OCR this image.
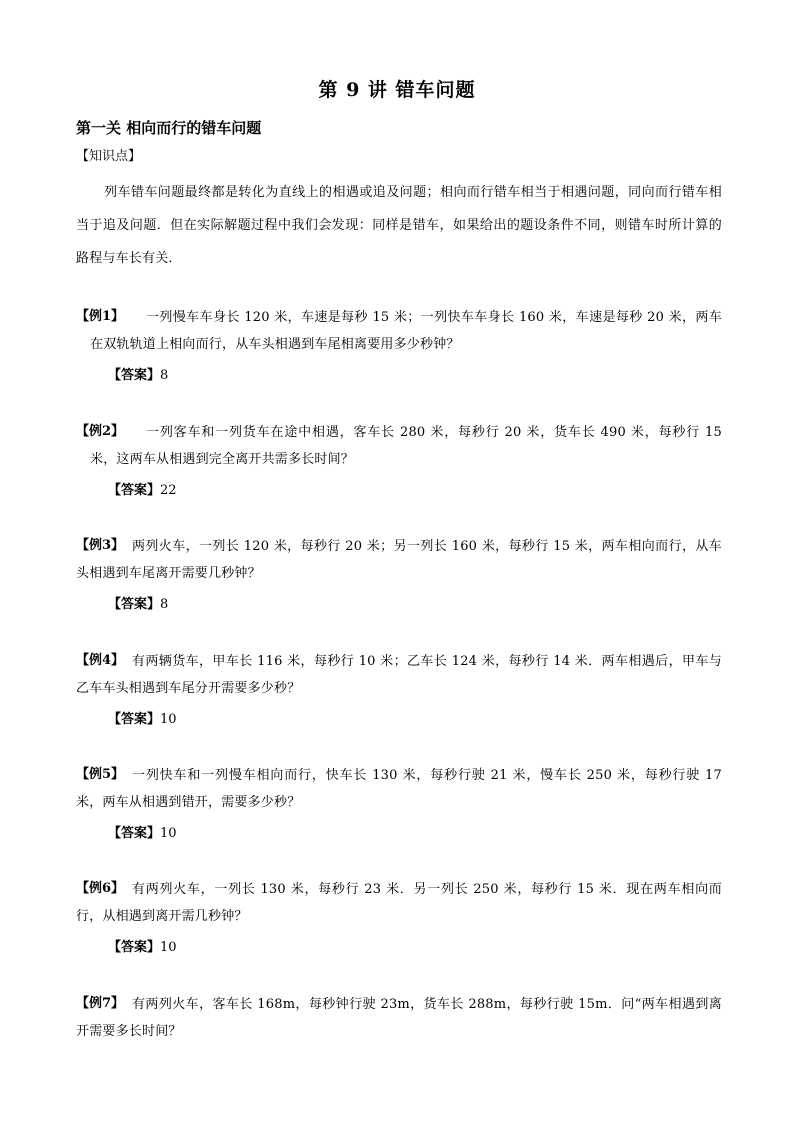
第 9 讲 错车问题
第一关 相向而行的错车问题
【知识点】
列车错车问题最终都是转化为直线上的相遇或追及问题；相向而行错车相当于相遇问题，同向而行错车相当于追及问题．但在实际解题过程中我们会发现：同样是错车，如果给出的题设条件不同，则错车时所计算的路程与车长有关．
【例1】	一列慢车车身长 120 米，车速是每秒 15 米；一列快车车身长 160 米，车速是每秒 20 米，两车在双轨轨道上相向而行，从车头相遇到车尾相离要用多少秒钟？
【答案】8
【例2】	一列客车和一列货车在途中相遇，客车长 280 米，每秒行 20 米，货车长 490 米，每秒行 15 米，这两车从相遇到完全离开共需多长时间？
【答案】22
【例3】 两列火车，一列长 120 米，每秒行 20 米；另一列长 160 米，每秒行 15 米，两车相向而行，从车头相遇到车尾离开需要几秒钟？
【答案】8
【例4】 有两辆货车，甲车长 116 米，每秒行 10 米；乙车长 124 米，每秒行 14 米．两车相遇后，甲车与乙车车头相遇到车尾分开需要多少秒？
【答案】10
【例5】 一列快车和一列慢车相向而行，快车长 130 米，每秒行驶 21 米，慢车长 250 米，每秒行驶 17 米，两车从相遇到错开，需要多少秒？
【答案】10
【例6】 有两列火车，一列长 130 米，每秒行 23 米．另一列长 250 米，每秒行 15 米．现在两车相向而行，从相遇到离开需几秒钟？
【答案】10
【例7】 有两列火车，客车长 168m，每秒钟行驶 23m，货车长 288m，每秒行驶 15m．问“两车相遇到离开需要多长时间？
